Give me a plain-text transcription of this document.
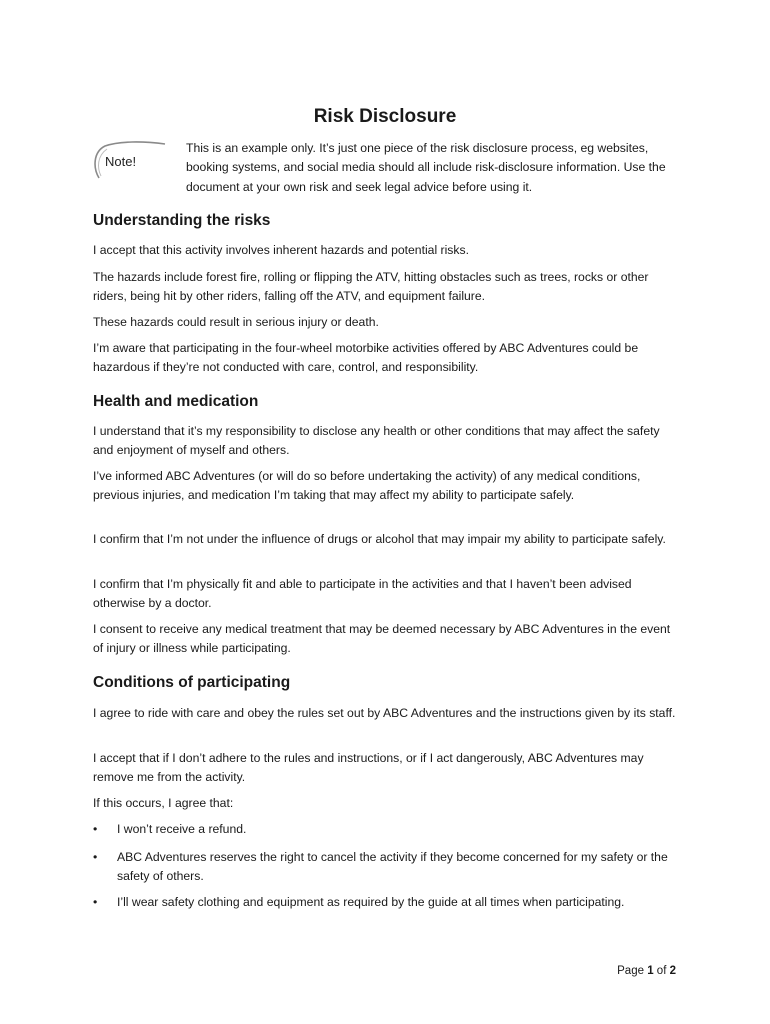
Risk Disclosure
Note!

This is an example only. It’s just one piece of the risk disclosure process, eg websites, booking systems, and social media should all include risk-disclosure information. Use the document at your own risk and seek legal advice before using it.

Understanding the risks

I accept that this activity involves inherent hazards and potential risks.

The hazards include forest fire, rolling or flipping the ATV, hitting obstacles such as trees, rocks or other riders, being hit by other riders, falling off the ATV, and equipment failure.

These hazards could result in serious injury or death.

I’m aware that participating in the four-wheel motorbike activities offered by ABC Adventures could be hazardous if they’re not conducted with care, control, and responsibility.

Health and medication

I understand that it’s my responsibility to disclose any health or other conditions that may affect the safety and enjoyment of myself and others.

I’ve informed ABC Adventures (or will do so before undertaking the activity) of any medical conditions, previous injuries, and medication I’m taking that may affect my ability to participate safely.

I confirm that I’m not under the influence of drugs or alcohol that may impair my ability to participate safely.

I confirm that I’m physically fit and able to participate in the activities and that I haven’t been advised otherwise by a doctor.

I consent to receive any medical treatment that may be deemed necessary by ABC Adventures in the event of injury or illness while participating.

Conditions of participating

I agree to ride with care and obey the rules set out by ABC Adventures and the instructions given by its staff.

I accept that if I don’t adhere to the rules and instructions, or if I act dangerously, ABC Adventures may remove me from the activity.

If this occurs, I agree that:

•	I won’t receive a refund.
•	ABC Adventures reserves the right to cancel the activity if they become concerned for my safety or the safety of others.
•	I’ll wear safety clothing and equipment as required by the guide at all times when participating.
Page 1 of 2
